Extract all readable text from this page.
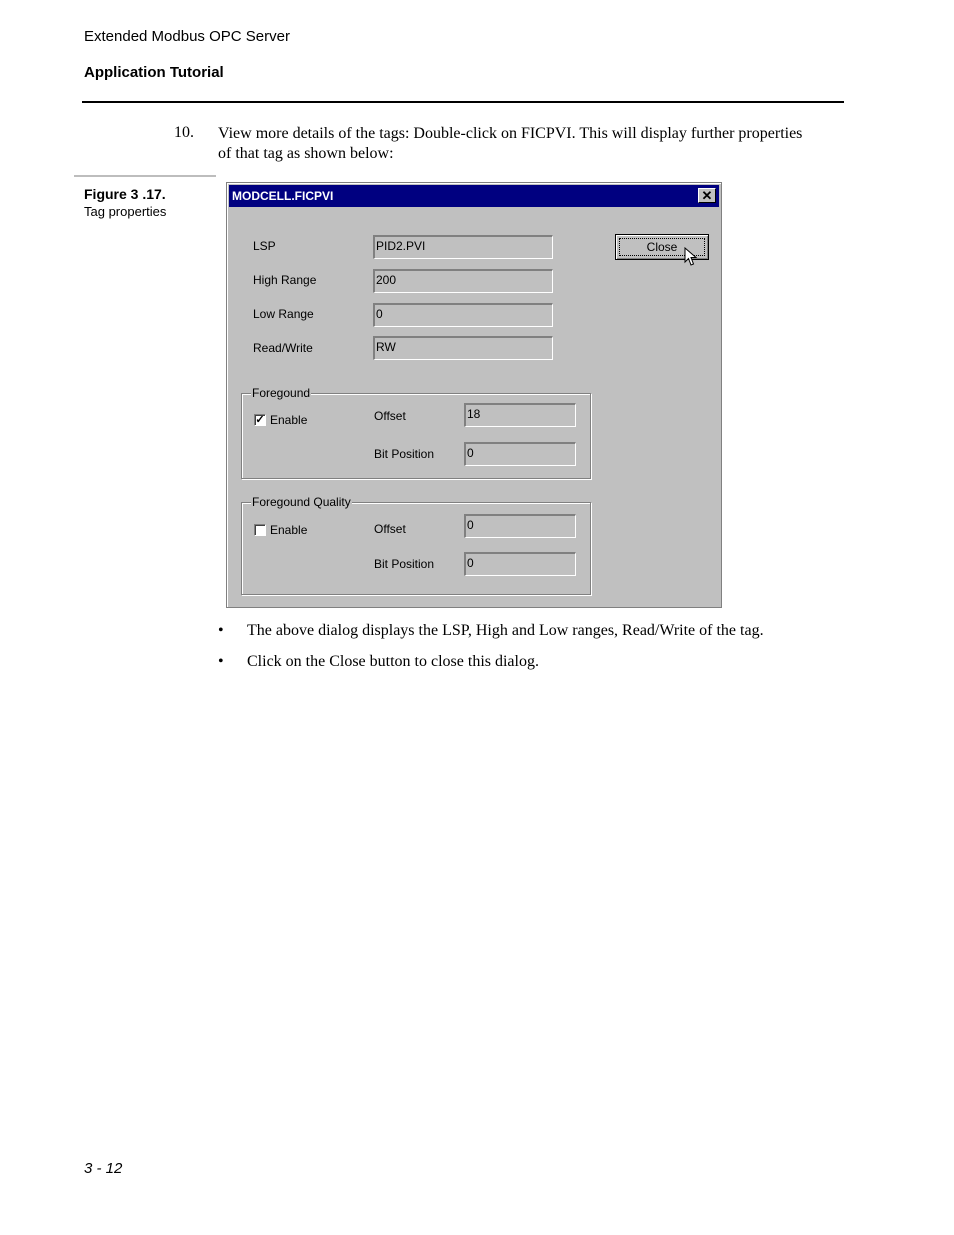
Extended Modbus OPC Server
Application Tutorial
10. View more details of the tags: Double-click on FICPVI. This will display further properties of that tag as shown below:
Figure 3 .17.
Tag properties
MODCELL.FICPVI	✕
LSP	PID2.PVI
High Range	200
Low Range	0
Read/Write	RW
Close
Foregound
✓ Enable	Offset	18
Bit Position	0
Foregound Quality
Enable	Offset	0
Bit Position	0
• The above dialog displays the LSP, High and Low ranges, Read/Write of the tag.
• Click on the Close button to close this dialog.
3 - 12
